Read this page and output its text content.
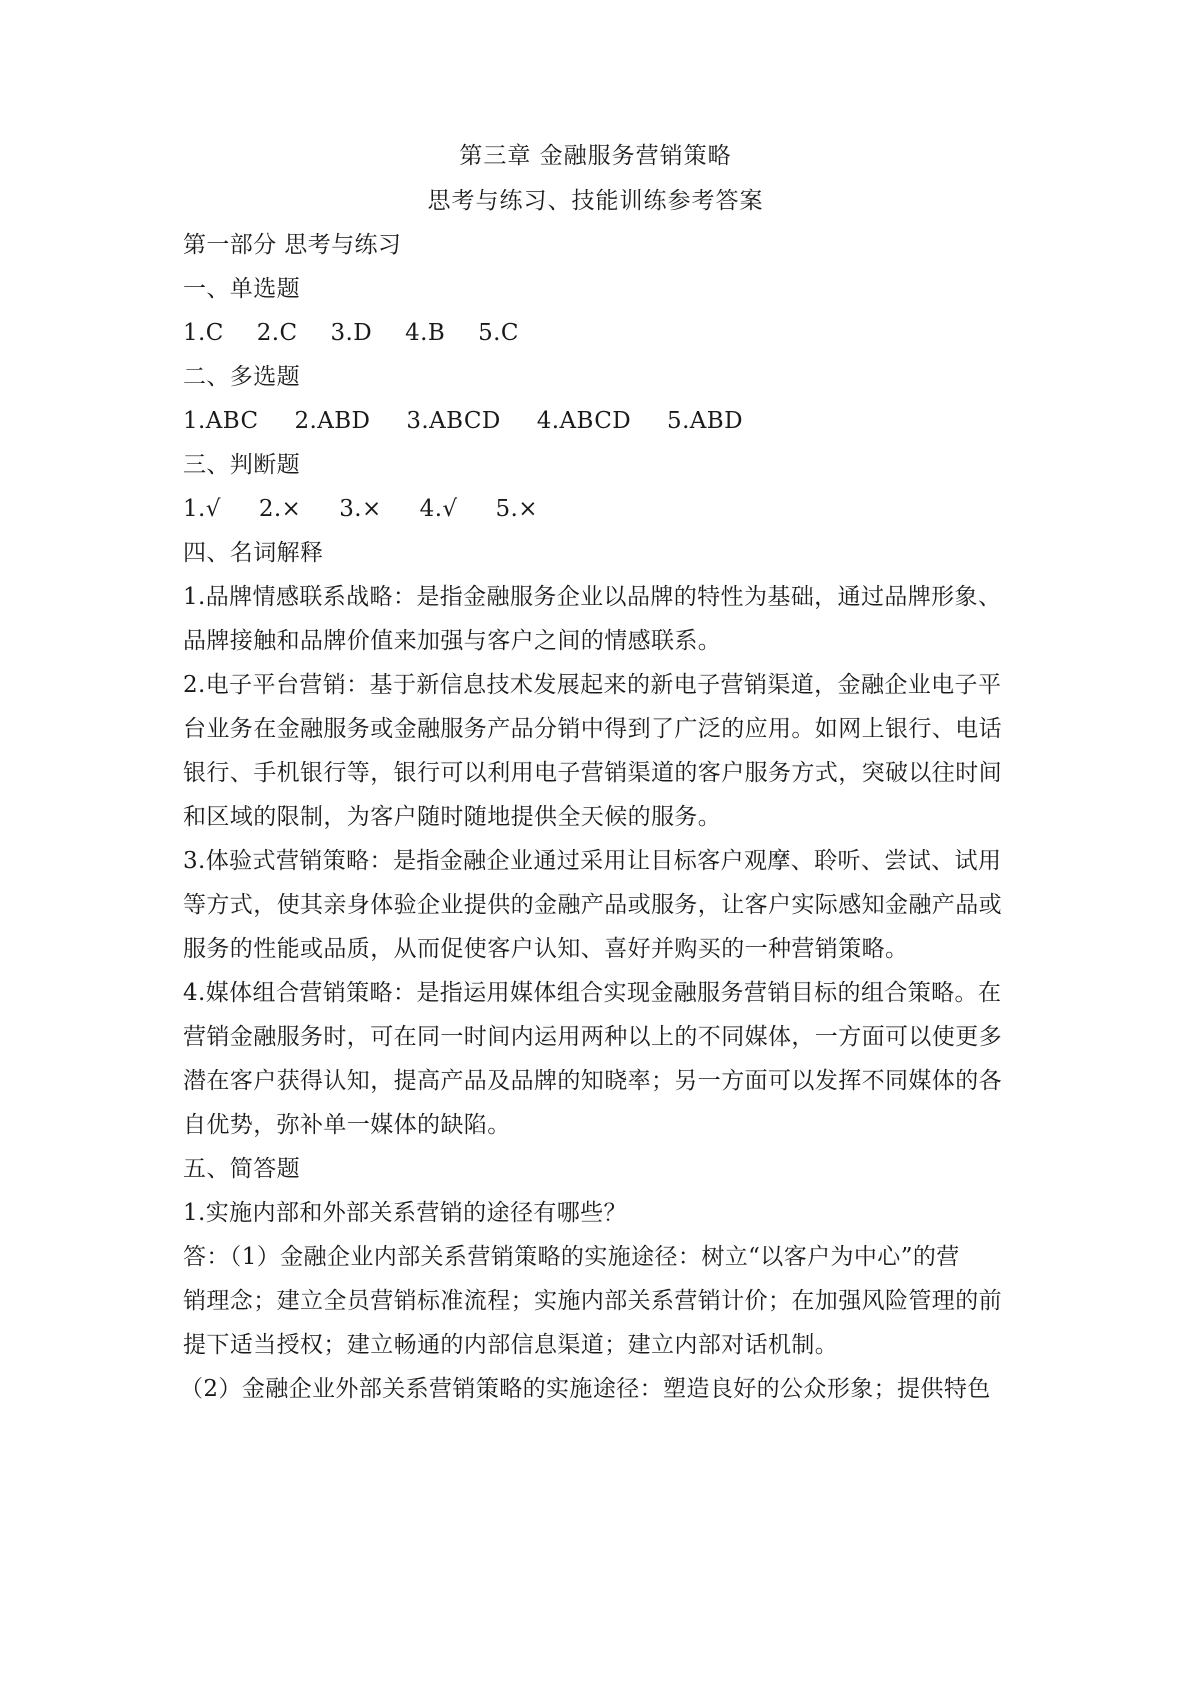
第三章 金融服务营销策略
思考与练习、技能训练参考答案
第一部分 思考与练习
一、单选题
1.C 2.C 3.D 4.B 5.C
二、多选题
1.ABC 2.ABD 3.ABCD 4.ABCD 5.ABD
三、判断题
1.√ 2.× 3.× 4.√ 5.×
四、名词解释
1.品牌情感联系战略：是指金融服务企业以品牌的特性为基础，通过品牌形象、
品牌接触和品牌价值来加强与客户之间的情感联系。
2.电子平台营销：基于新信息技术发展起来的新电子营销渠道，金融企业电子平
台业务在金融服务或金融服务产品分销中得到了广泛的应用。如网上银行、电话
银行、手机银行等，银行可以利用电子营销渠道的客户服务方式，突破以往时间
和区域的限制，为客户随时随地提供全天候的服务。
3.体验式营销策略：是指金融企业通过采用让目标客户观摩、聆听、尝试、试用
等方式，使其亲身体验企业提供的金融产品或服务，让客户实际感知金融产品或
服务的性能或品质，从而促使客户认知、喜好并购买的一种营销策略。
4.媒体组合营销策略：是指运用媒体组合实现金融服务营销目标的组合策略。在
营销金融服务时，可在同一时间内运用两种以上的不同媒体，一方面可以使更多
潜在客户获得认知，提高产品及品牌的知晓率；另一方面可以发挥不同媒体的各
自优势，弥补单一媒体的缺陷。
五、简答题
1.实施内部和外部关系营销的途径有哪些？
答：（1）金融企业内部关系营销策略的实施途径：树立“以客户为中心”的营
销理念；建立全员营销标准流程；实施内部关系营销计价；在加强风险管理的前
提下适当授权；建立畅通的内部信息渠道；建立内部对话机制。
（2）金融企业外部关系营销策略的实施途径：塑造良好的公众形象；提供特色
